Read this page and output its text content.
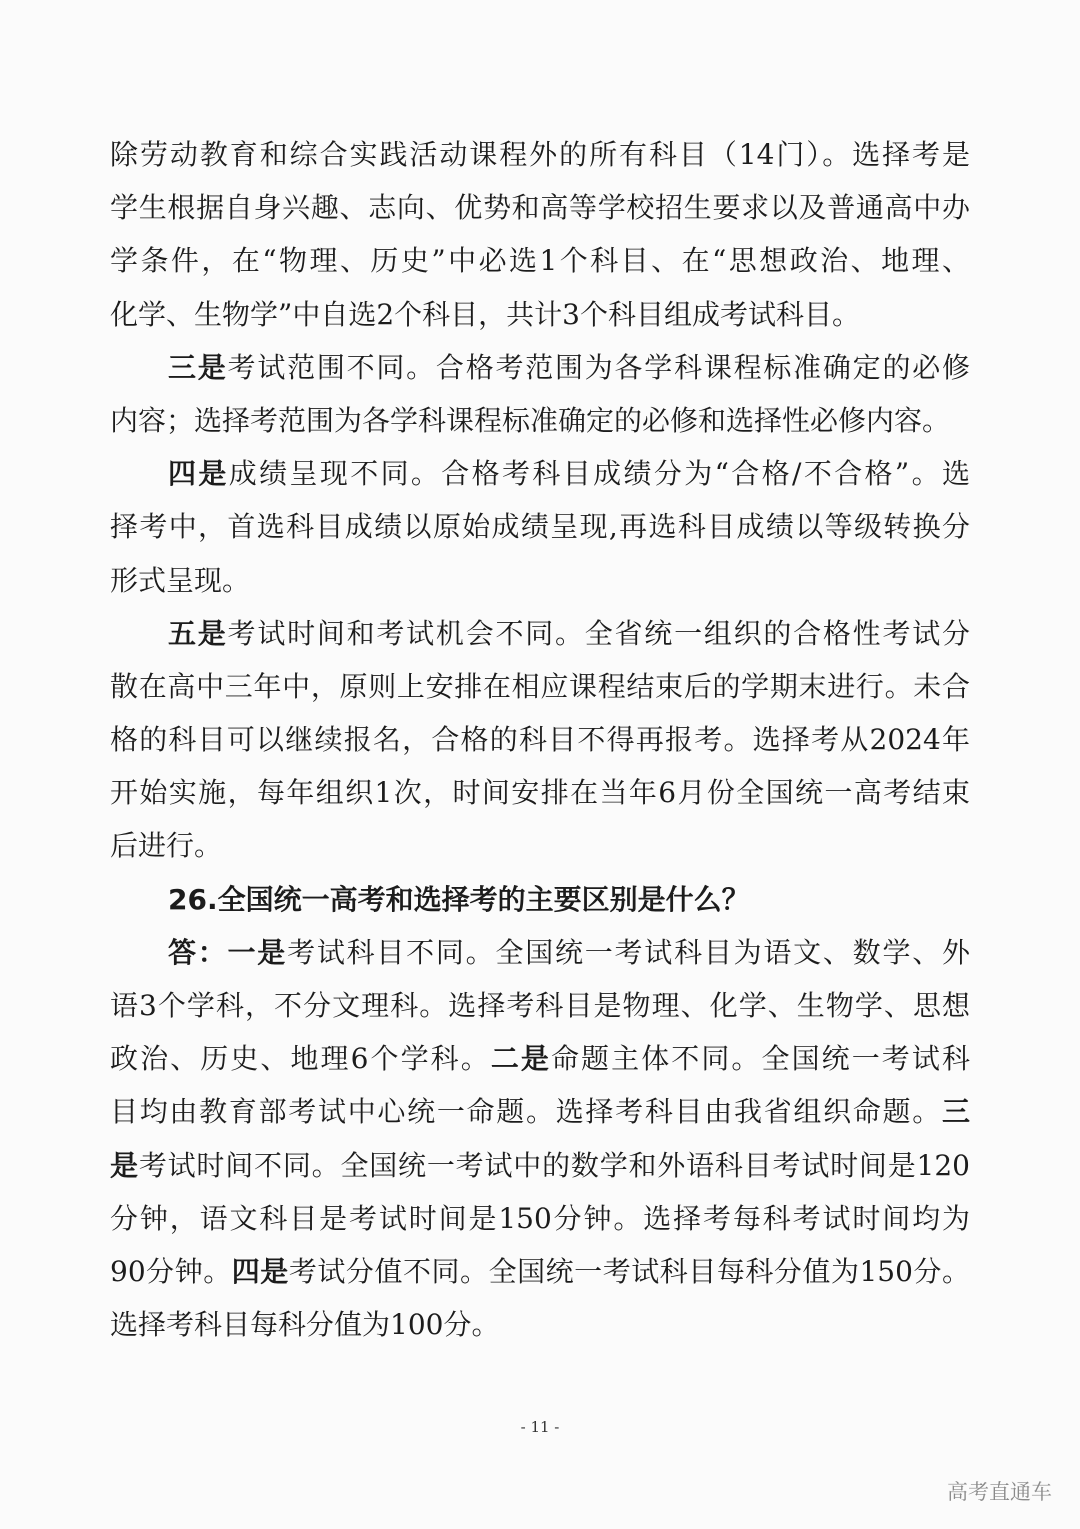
除劳动教育和综合实践活动课程外的所有科目（14门）。选择考是
学生根据自身兴趣、志向、优势和高等学校招生要求以及普通高中办
学条件，在“物理、历史”中必选1个科目、在“思想政治、地理、
化学、生物学”中自选2个科目，共计3个科目组成考试科目。
三是考试范围不同。合格考范围为各学科课程标准确定的必修
内容；选择考范围为各学科课程标准确定的必修和选择性必修内容。
四是成绩呈现不同。合格考科目成绩分为“合格/不合格”。选
择考中，首选科目成绩以原始成绩呈现,再选科目成绩以等级转换分
形式呈现。
五是考试时间和考试机会不同。全省统一组织的合格性考试分
散在高中三年中，原则上安排在相应课程结束后的学期末进行。未合
格的科目可以继续报名，合格的科目不得再报考。选择考从2024年
开始实施，每年组织1次，时间安排在当年6月份全国统一高考结束
后进行。
26.全国统一高考和选择考的主要区别是什么？
答：一是考试科目不同。全国统一考试科目为语文、数学、外
语3个学科，不分文理科。选择考科目是物理、化学、生物学、思想
政治、历史、地理6个学科。二是命题主体不同。全国统一考试科
目均由教育部考试中心统一命题。选择考科目由我省组织命题。三
是考试时间不同。全国统一考试中的数学和外语科目考试时间是120
分钟，语文科目是考试时间是150分钟。选择考每科考试时间均为
90分钟。四是考试分值不同。全国统一考试科目每科分值为150分。
选择考科目每科分值为100分。
- 11 -
高考直通车
